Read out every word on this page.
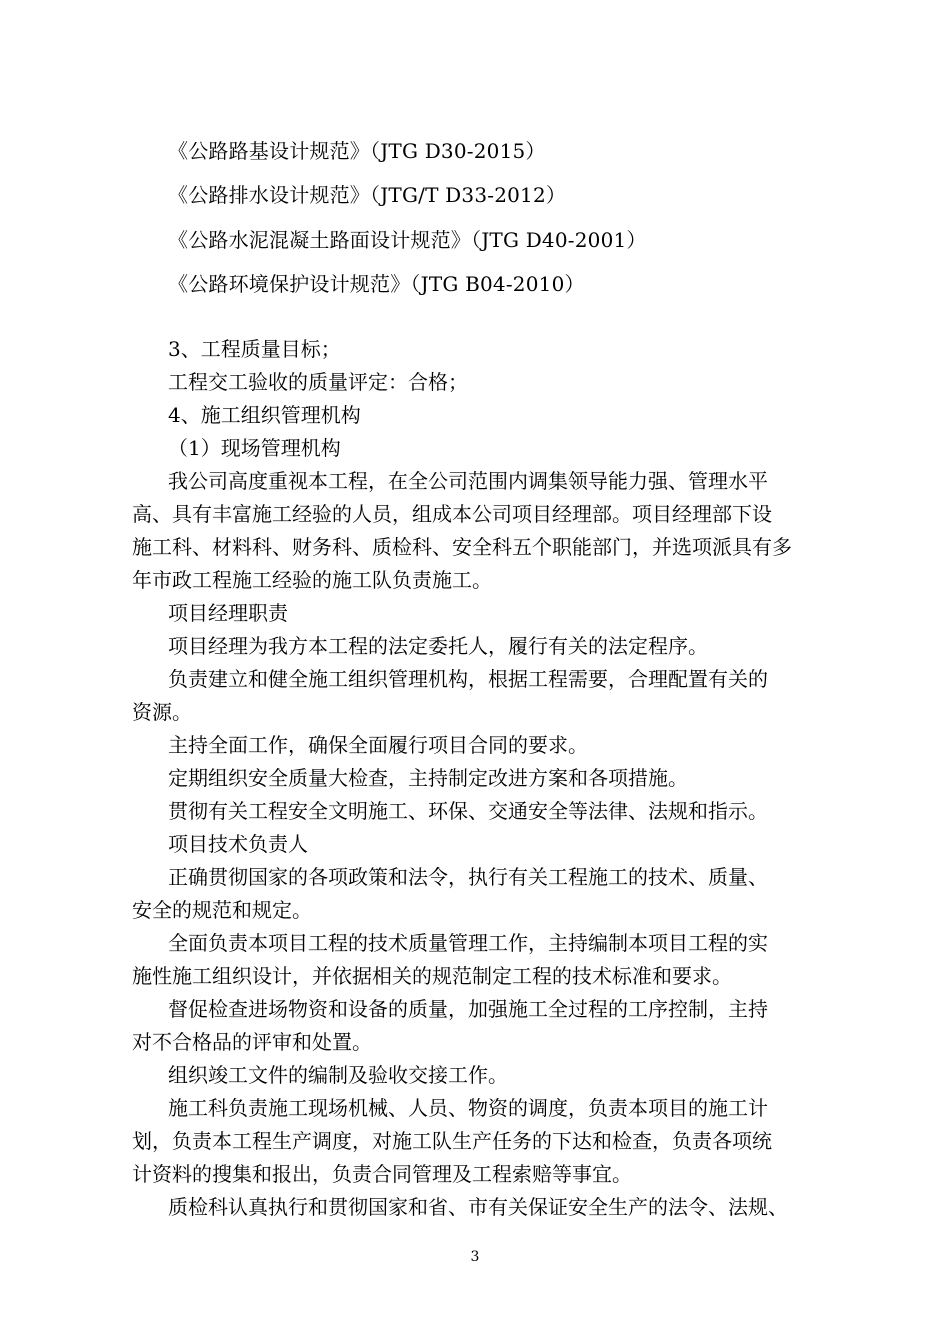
《公路路基设计规范》（JTG D30-2015）

《公路排水设计规范》（JTG/T D33-2012）

《公路水泥混凝土路面设计规范》（JTG D40-2001）

《公路环境保护设计规范》（JTG B04-2010）

3、工程质量目标；

工程交工验收的质量评定：合格；

4、施工组织管理机构

（1）现场管理机构

我公司高度重视本工程，在全公司范围内调集领导能力强、管理水平

高、具有丰富施工经验的人员，组成本公司项目经理部。项目经理部下设

施工科、材料科、财务科、质检科、安全科五个职能部门，并选项派具有多

年市政工程施工经验的施工队负责施工。

项目经理职责

项目经理为我方本工程的法定委托人，履行有关的法定程序。

负责建立和健全施工组织管理机构，根据工程需要，合理配置有关的

资源。

主持全面工作，确保全面履行项目合同的要求。

定期组织安全质量大检查，主持制定改进方案和各项措施。

贯彻有关工程安全文明施工、环保、交通安全等法律、法规和指示。

项目技术负责人

正确贯彻国家的各项政策和法令，执行有关工程施工的技术、质量、

安全的规范和规定。

全面负责本项目工程的技术质量管理工作，主持编制本项目工程的实

施性施工组织设计，并依据相关的规范制定工程的技术标准和要求。

督促检查进场物资和设备的质量，加强施工全过程的工序控制，主持

对不合格品的评审和处置。

组织竣工文件的编制及验收交接工作。

施工科负责施工现场机械、人员、物资的调度，负责本项目的施工计

划，负责本工程生产调度，对施工队生产任务的下达和检查，负责各项统

计资料的搜集和报出，负责合同管理及工程索赔等事宜。

质检科认真执行和贯彻国家和省、市有关保证安全生产的法令、法规、

3
